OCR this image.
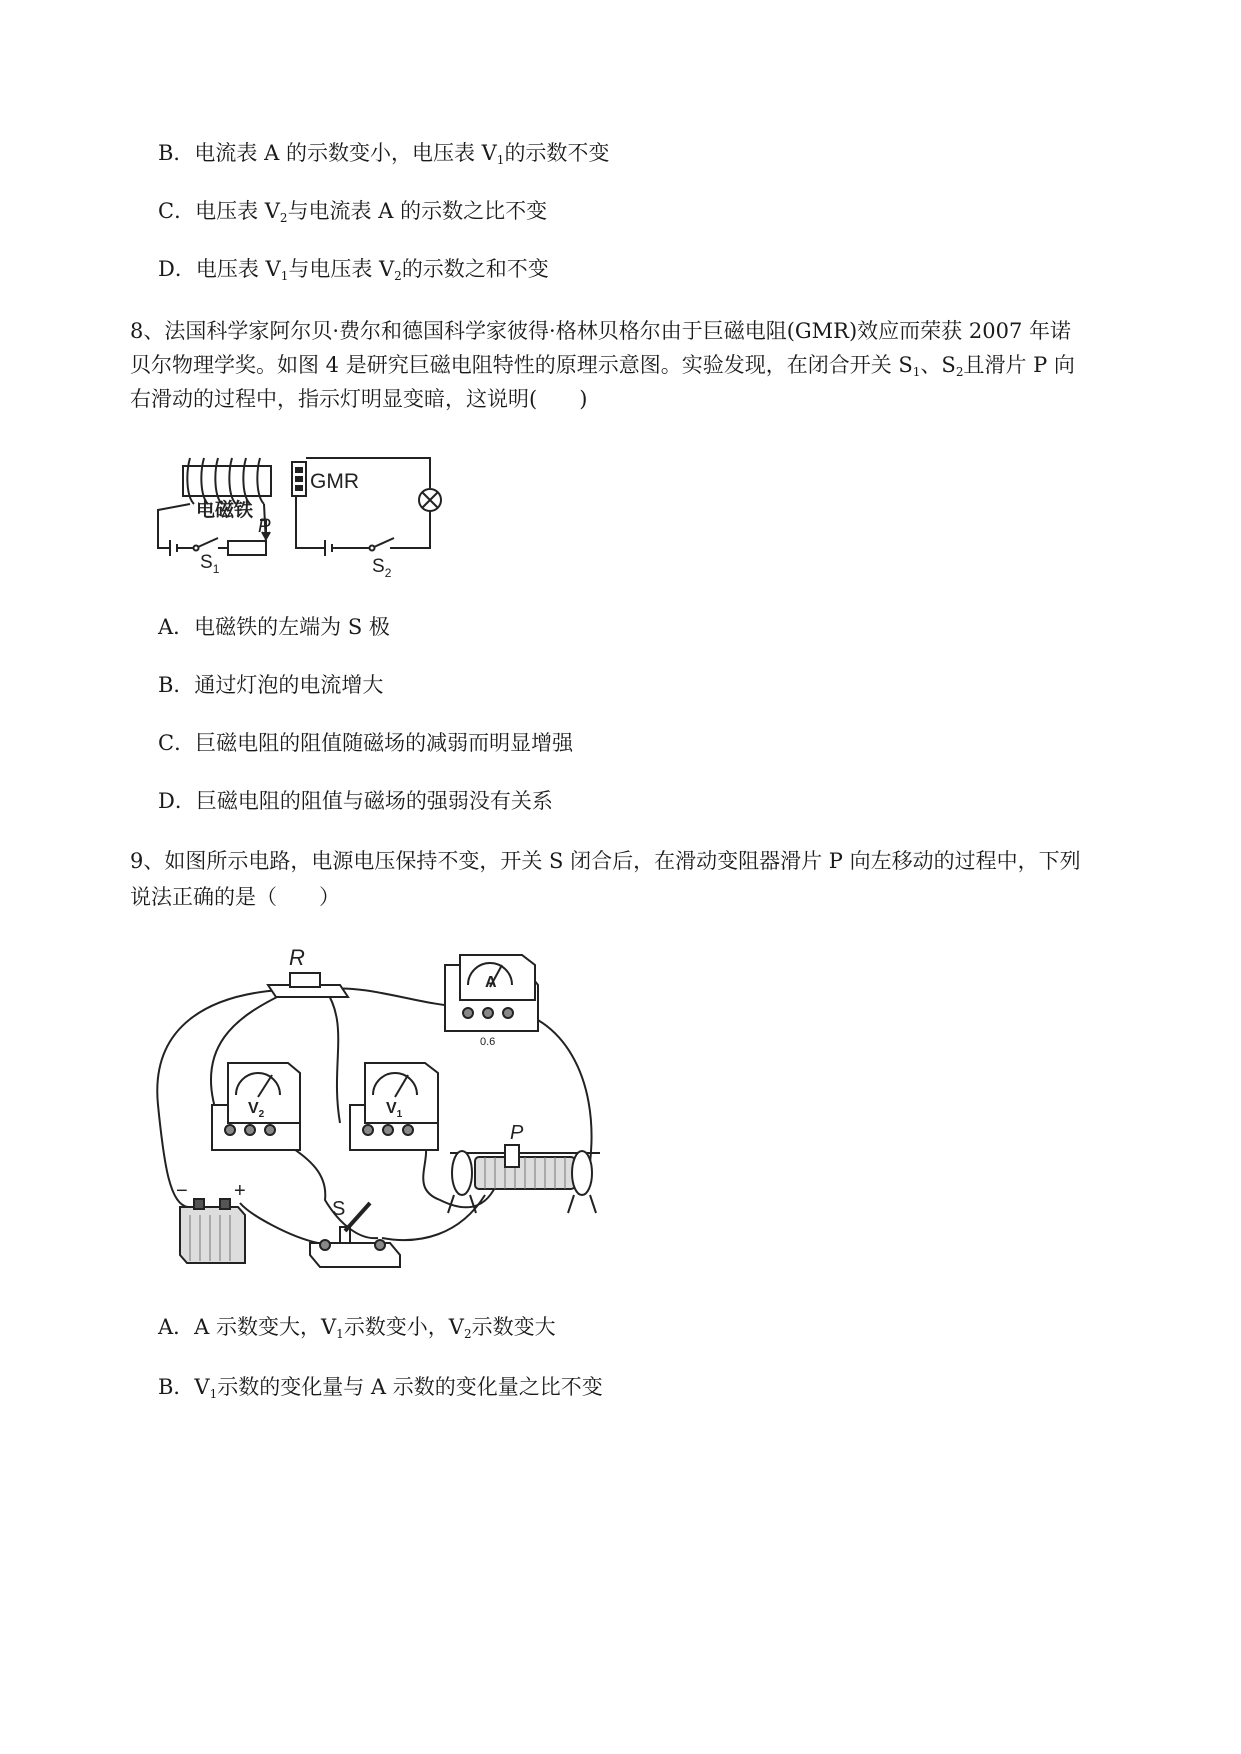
B．电流表 A 的示数变小，电压表 $V_1$的示数不变
C．电压表 $V_2$与电流表 A 的示数之比不变
D．电压表 $V_1$与电压表 $V_2$的示数之和不变
8、法国科学家阿尔贝·费尔和德国科学家彼得·格林贝格尔由于巨磁电阻(GMR)效应而荣获 2007 年诺
贝尔物理学奖。如图 4 是研究巨磁电阻特性的原理示意图。实验发现，在闭合开关 $S_1$、$S_2$且滑片 P 向
右滑动的过程中，指示灯明显变暗，这说明(　　)
电磁铁
GMR
P
$S_1$	$S_2$
A．电磁铁的左端为 S 极
B．通过灯泡的电流增大
C．巨磁电阻的阻值随磁场的减弱而明显增强
D．巨磁电阻的阻值与磁场的强弱没有关系
9、如图所示电路，电源电压保持不变，开关 S 闭合后，在滑动变阻器滑片 P 向左移动的过程中，下列
说法正确的是（　　）
R
A
0.6
$V_2$	$V_1$
P
S
− +
A．A 示数变大，$V_1$示数变小，$V_2$示数变大
B．$V_1$示数的变化量与 A 示数的变化量之比不变
